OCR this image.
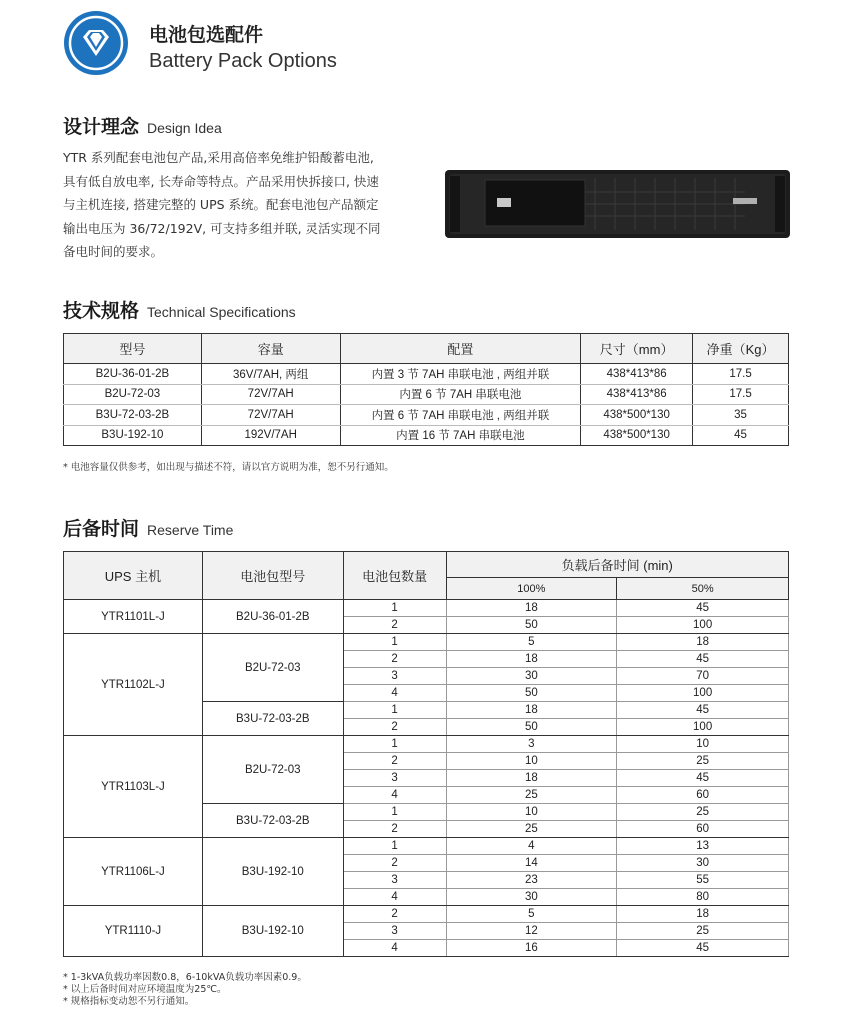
电池包选配件
Battery Pack Options
设计理念 Design Idea
YTR 系列配套电池包产品,采用高倍率免维护铅酸蓄电池,
具有低自放电率, 长寿命等特点。产品采用快拆接口, 快速
与主机连接, 搭建完整的 UPS 系统。配套电池包产品额定
输出电压为 36/72/192V, 可支持多组并联, 灵活实现不同
备电时间的要求。
技术规格 Technical Specifications
型号	容量	配置	尺寸（mm）	净重（Kg）
B2U-36-01-2B	36V/7AH, 两组	内置 3 节 7AH 串联电池 , 两组并联	438*413*86	17.5
B2U-72-03	72V/7AH	内置 6 节 7AH 串联电池	438*413*86	17.5
B3U-72-03-2B	72V/7AH	内置 6 节 7AH 串联电池 , 两组并联	438*500*130	35
B3U-192-10	192V/7AH	内置 16 节 7AH 串联电池	438*500*130	45
* 电池容量仅供参考，如出现与描述不符，请以官方说明为准，恕不另行通知。
后备时间 Reserve Time
UPS 主机	电池包型号	电池包数量	负载后备时间 (min)	
			100%	50%
YTR1101L-J	B2U-36-01-2B	1	18	45
		2	50	100
YTR1102L-J	B2U-72-03	1	5	18
		2	18	45
		3	30	70
		4	50	100
	B3U-72-03-2B	1	18	45
		2	50	100
YTR1103L-J	B2U-72-03	1	3	10
		2	10	25
		3	18	45
		4	25	60
	B3U-72-03-2B	1	10	25
		2	25	60
YTR1106L-J	B3U-192-10	1	4	13
		2	14	30
		3	23	55
		4	30	80
YTR1110-J	B3U-192-10	2	5	18
		3	12	25
		4	16	45
* 1-3kVA负载功率因数0.8，6-10kVA负载功率因素0.9。
* 以上后备时间对应环境温度为25℃。
* 规格指标变动恕不另行通知。
